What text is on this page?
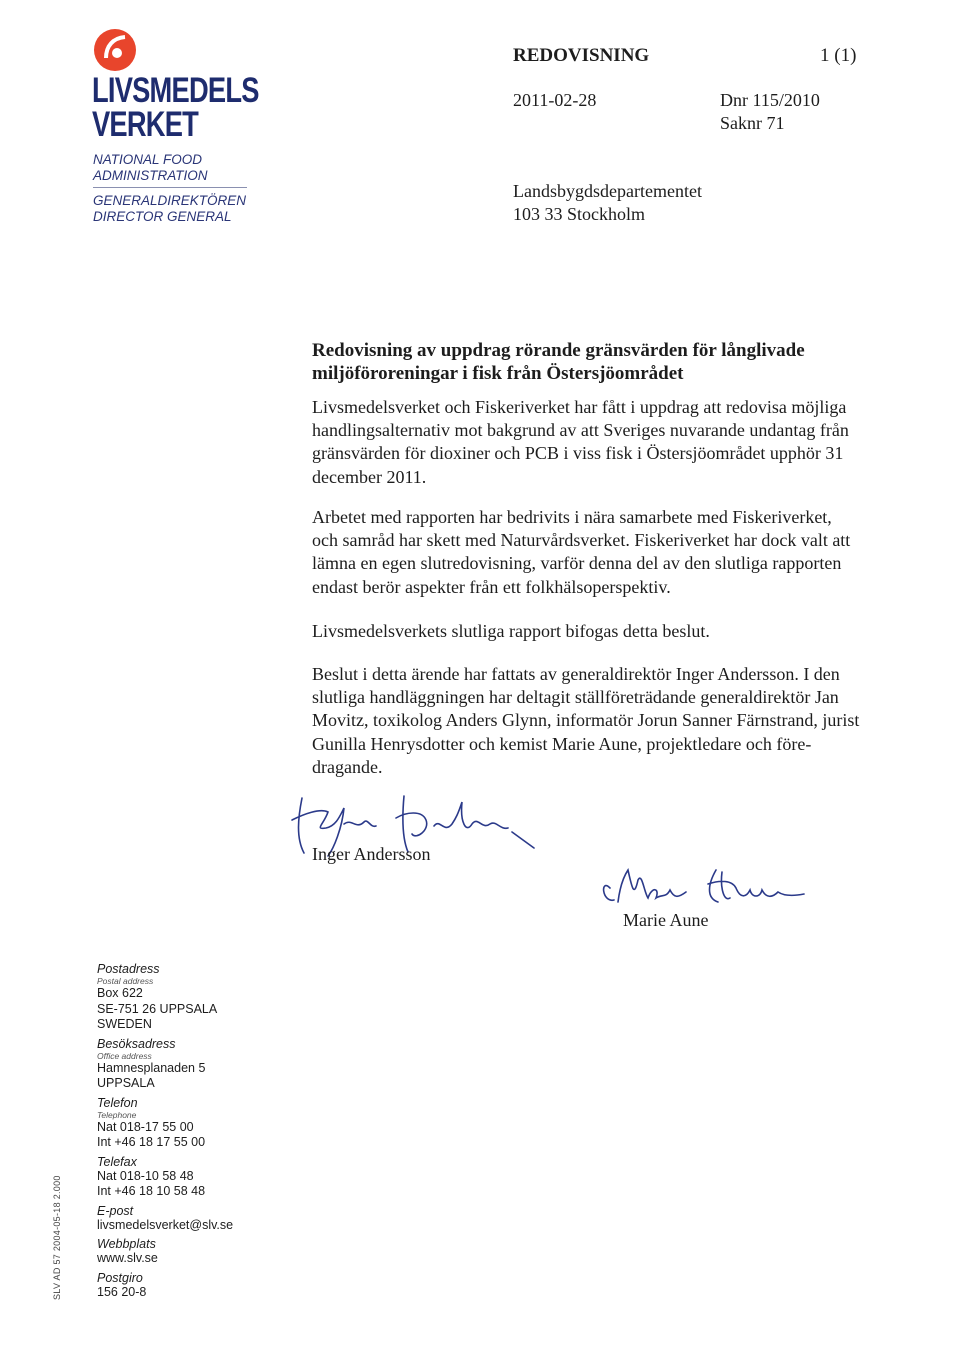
LIVSMEDELS
VERKET
NATIONAL FOOD
ADMINISTRATION
GENERALDIREKTÖREN
DIRECTOR GENERAL
REDOVISNING	1 (1)
2011-02-28	Dnr 115/2010
Saknr 71
Landsbygdsdepartementet
103 33 Stockholm
Redovisning av uppdrag rörande gränsvärden för långlivade
miljöföroreningar i fisk från Östersjöområdet
Livsmedelsverket och Fiskeriverket har fått i uppdrag att redovisa möjliga
handlingsalternativ mot bakgrund av att Sveriges nuvarande undantag från
gränsvärden för dioxiner och PCB i viss fisk i Östersjöområdet upphör 31
december 2011.
Arbetet med rapporten har bedrivits i nära samarbete med Fiskeriverket,
och samråd har skett med Naturvårdsverket. Fiskeriverket har dock valt att
lämna en egen slutredovisning, varför denna del av den slutliga rapporten
endast berör aspekter från ett folkhälsoperspektiv.
Livsmedelsverkets slutliga rapport bifogas detta beslut.
Beslut i detta ärende har fattats av generaldirektör Inger Andersson. I den
slutliga handläggningen har deltagit ställföreträdande generaldirektör Jan
Movitz, toxikolog Anders Glynn, informatör Jorun Sanner Färnstrand, jurist
Gunilla Henrysdotter och kemist Marie Aune, projektledare och före-
dragande.
Inger Andersson
Marie Aune
Postadress
Postal address
Box 622
SE-751 26 UPPSALA
SWEDEN
Besöksadress
Office address
Hamnesplanaden 5
UPPSALA
Telefon
Telephone
Nat 018-17 55 00
Int +46 18 17 55 00
Telefax
Nat 018-10 58 48
Int +46 18 10 58 48
E-post
livsmedelsverket@slv.se
Webbplats
www.slv.se
Postgiro
156 20-8
SLV AD 57 2004-05-18 2.000
